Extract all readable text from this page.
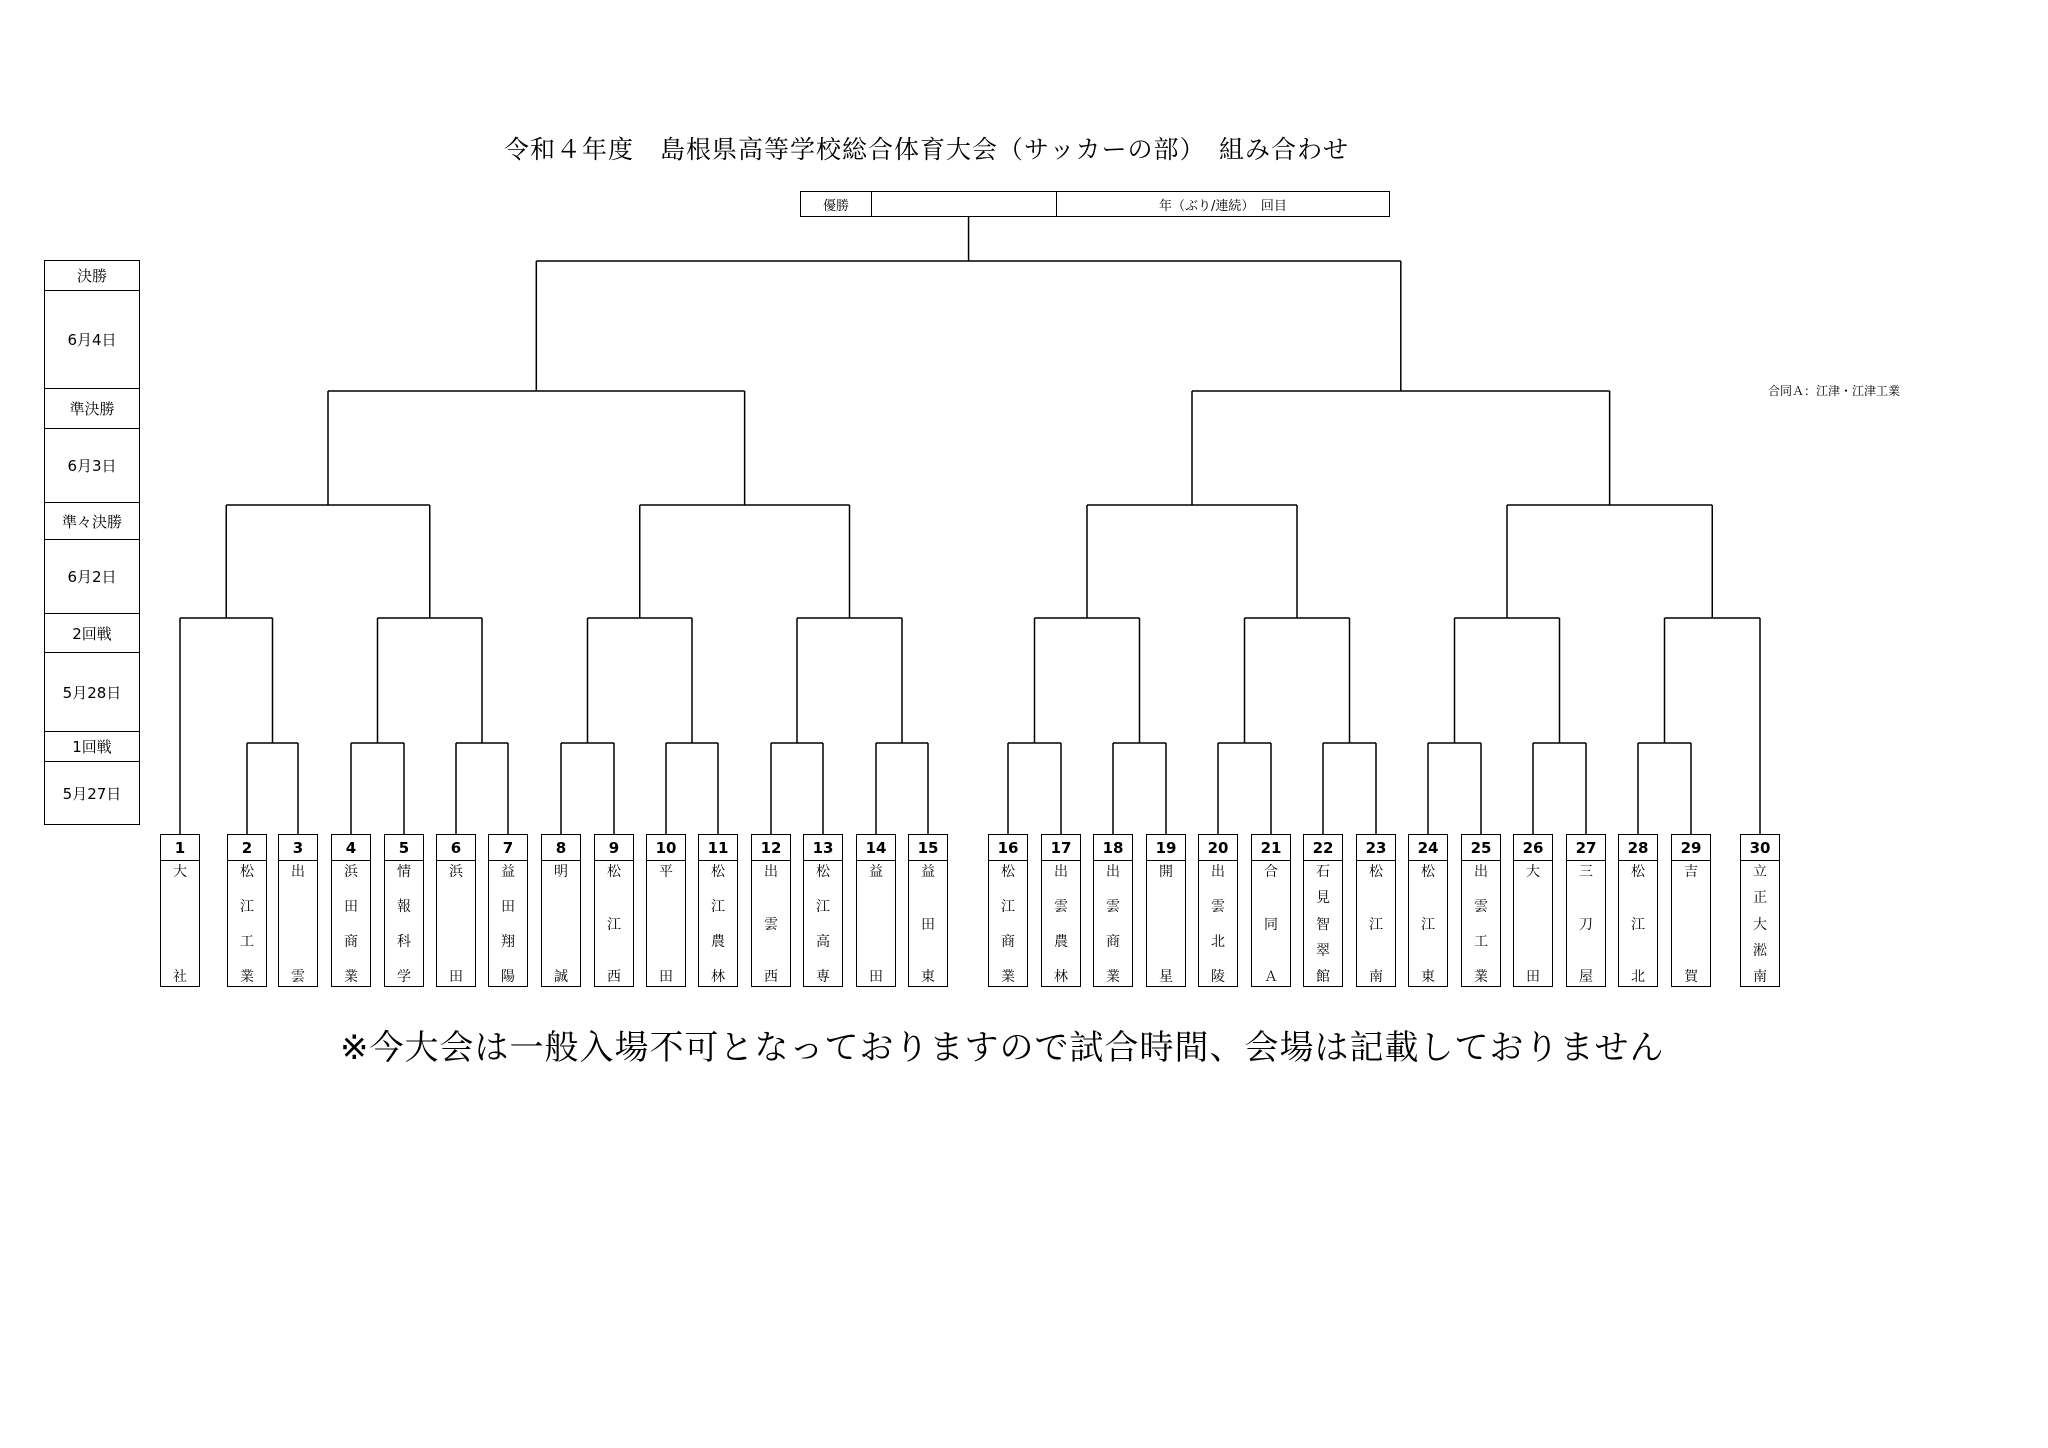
令和４年度　島根県高等学校総合体育大会（サッカーの部）　組み合わせ
優勝	年（ぶり/連続）　回目
合同Ａ：江津・江津工業
決勝
6月4日
準決勝
6月3日
準々決勝
6月2日
2回戦
5月28日
1回戦
5月27日
1
大
社
2
松
江
工
業
3
出
雲
4
浜
田
商
業
5
情
報
科
学
6
浜
田
7
益
田
翔
陽
8
明
誠
9
松
江
西
10
平
田
11
松
江
農
林
12
出
雲
西
13
松
江
高
専
14
益
田
15
益
田
東
16
松
江
商
業
17
出
雲
農
林
18
出
雲
商
業
19
開
星
20
出
雲
北
陵
21
合
同
Ａ
22
石
見
智
翠
館
23
松
江
南
24
松
江
東
25
出
雲
工
業
26
大
田
27
三
刀
屋
28
松
江
北
29
吉
賀
30
立
正
大
淞
南
※今大会は一般入場不可となっておりますので試合時間、会場は記載しておりません
